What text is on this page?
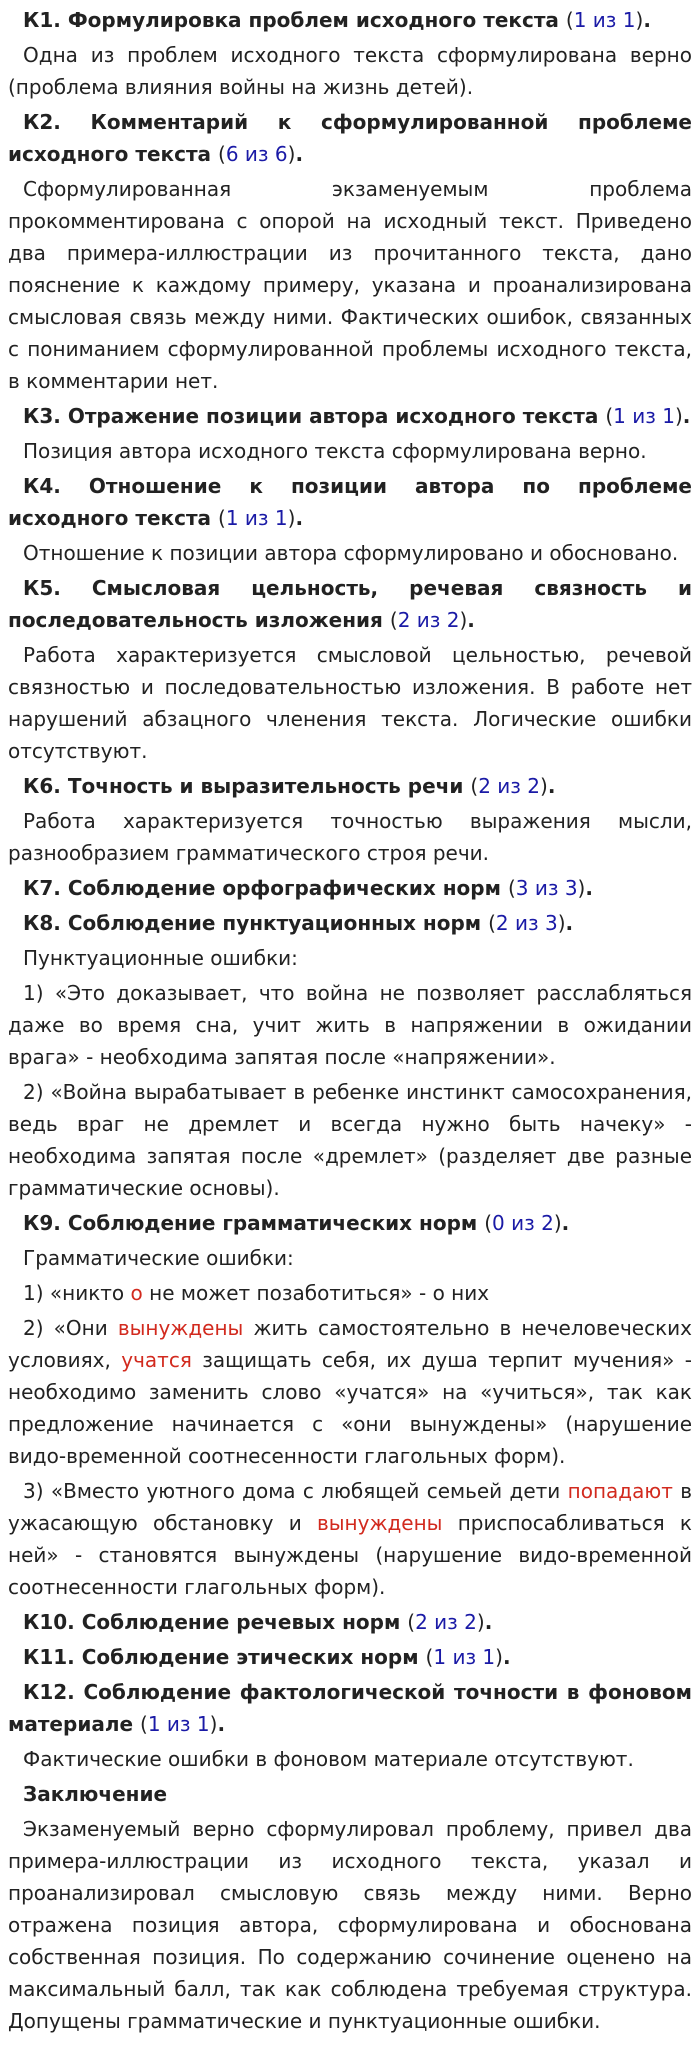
К1. Формулировка проблем исходного текста (1 из 1).

Одна из проблем исходного текста сформулирована верно (проблема влияния войны на жизнь детей).

К2. Комментарий к сформулированной проблеме исходного текста (6 из 6).

Сформулированная экзаменуемым проблема прокомментирована с опорой на исходный текст. Приведено два примера-иллюстрации из прочитанного текста, дано пояснение к каждому примеру, указана и проанализирована смысловая связь между ними. Фактических ошибок, связанных с пониманием сформулированной проблемы исходного текста, в комментарии нет.

К3. Отражение позиции автора исходного текста (1 из 1).

Позиция автора исходного текста сформулирована верно.

К4. Отношение к позиции автора по проблеме исходного текста (1 из 1).

Отношение к позиции автора сформулировано и обосновано.

К5. Смысловая цельность, речевая связность и последовательность изложения (2 из 2).

Работа характеризуется смысловой цельностью, речевой связностью и последовательностью изложения. В работе нет нарушений абзацного членения текста. Логические ошибки отсутствуют.

К6. Точность и выразительность речи (2 из 2).

Работа характеризуется точностью выражения мысли, разнообразием грамматического строя речи.

К7. Соблюдение орфографических норм (3 из 3).

К8. Соблюдение пунктуационных норм (2 из 3).

Пунктуационные ошибки:

1) «Это доказывает, что война не позволяет расслабляться даже во время сна, учит жить в напряжении в ожидании врага» - необходима запятая после «напряжении».

2) «Война вырабатывает в ребенке инстинкт самосохранения, ведь враг не дремлет и всегда нужно быть начеку» - необходима запятая после «дремлет» (разделяет две разные грамматические основы).

К9. Соблюдение грамматических норм (0 из 2).

Грамматические ошибки:

1) «никто о не может позаботиться» - о них

2) «Они вынуждены жить самостоятельно в нечеловеческих условиях, учатся защищать себя, их душа терпит мучения» - необходимо заменить слово «учатся» на «учиться», так как предложение начинается с «они вынуждены» (нарушение видо-временной соотнесенности глагольных форм).

3) «Вместо уютного дома с любящей семьей дети попадают в ужасающую обстановку и вынуждены приспосабливаться к ней» - становятся вынуждены (нарушение видо-временной соотнесенности глагольных форм).

К10. Соблюдение речевых норм (2 из 2).

К11. Соблюдение этических норм (1 из 1).

К12. Соблюдение фактологической точности в фоновом материале (1 из 1).

Фактические ошибки в фоновом материале отсутствуют.

Заключение

Экзаменуемый верно сформулировал проблему, привел два примера-иллюстрации из исходного текста, указал и проанализировал смысловую связь между ними. Верно отражена позиция автора, сформулирована и обоснована собственная позиция. По содержанию сочинение оценено на максимальный балл, так как соблюдена требуемая структура. Допущены грамматические и пунктуационные ошибки.
